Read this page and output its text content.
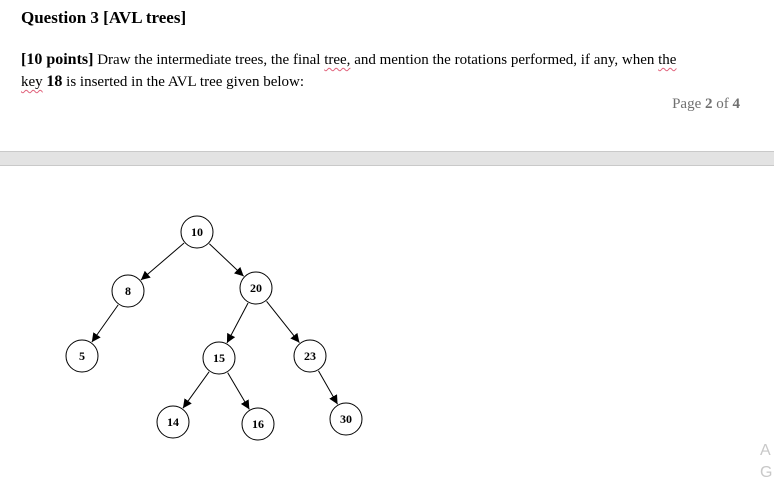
Question 3 [AVL trees]
[10 points] Draw the intermediate trees, the final tree, and mention the rotations performed, if any, when the
key 18 is inserted in the AVL tree given below:
Page 2 of 4
10
8	20
5	15	23
14	16	30
A
G
